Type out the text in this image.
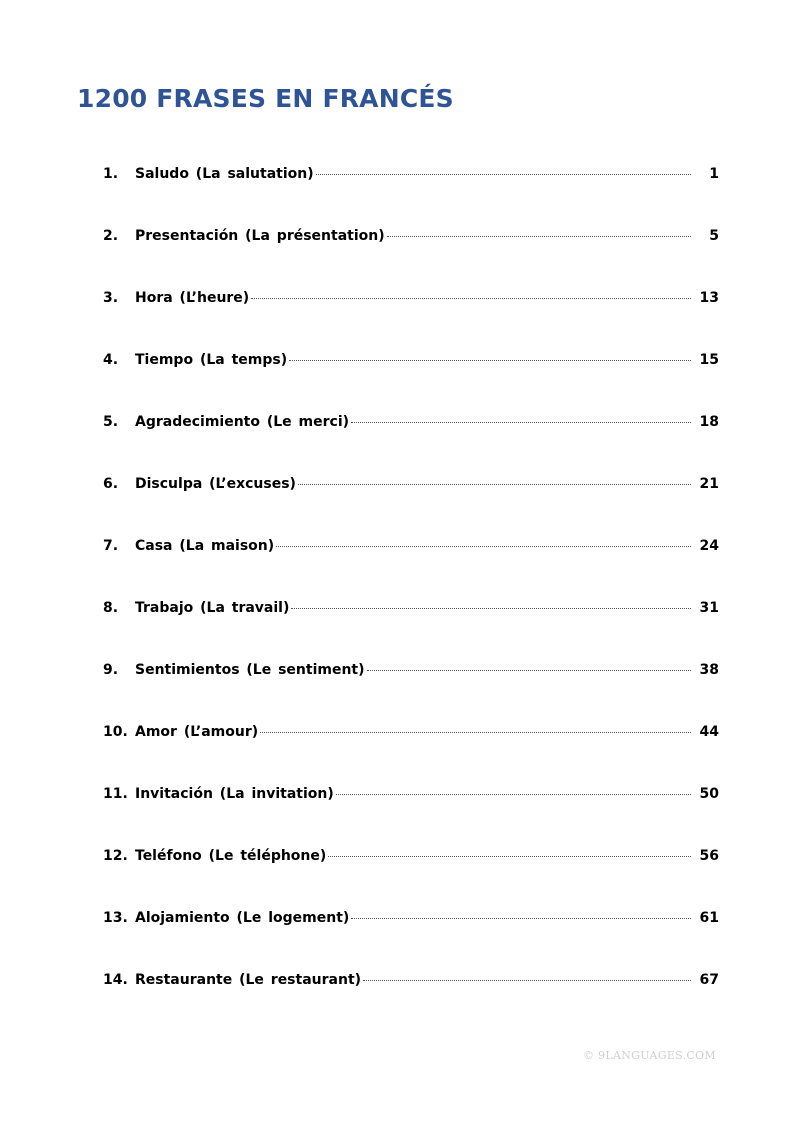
1200 FRASES EN FRANCÉS
1.	Saludo (La salutation)	1
2.	Presentación (La présentation)	5
3.	Hora (L’heure)	13
4.	Tiempo (La temps)	15
5.	Agradecimiento (Le merci)	18
6.	Disculpa (L’excuses)	21
7.	Casa (La maison)	24
8.	Trabajo (La travail)	31
9.	Sentimientos (Le sentiment)	38
10. Amor (L’amour)	44
11. Invitación (La invitation)	50
12. Teléfono (Le téléphone)	56
13. Alojamiento (Le logement)	61
14. Restaurante (Le restaurant)	67
© 9LANGUAGES.COM
